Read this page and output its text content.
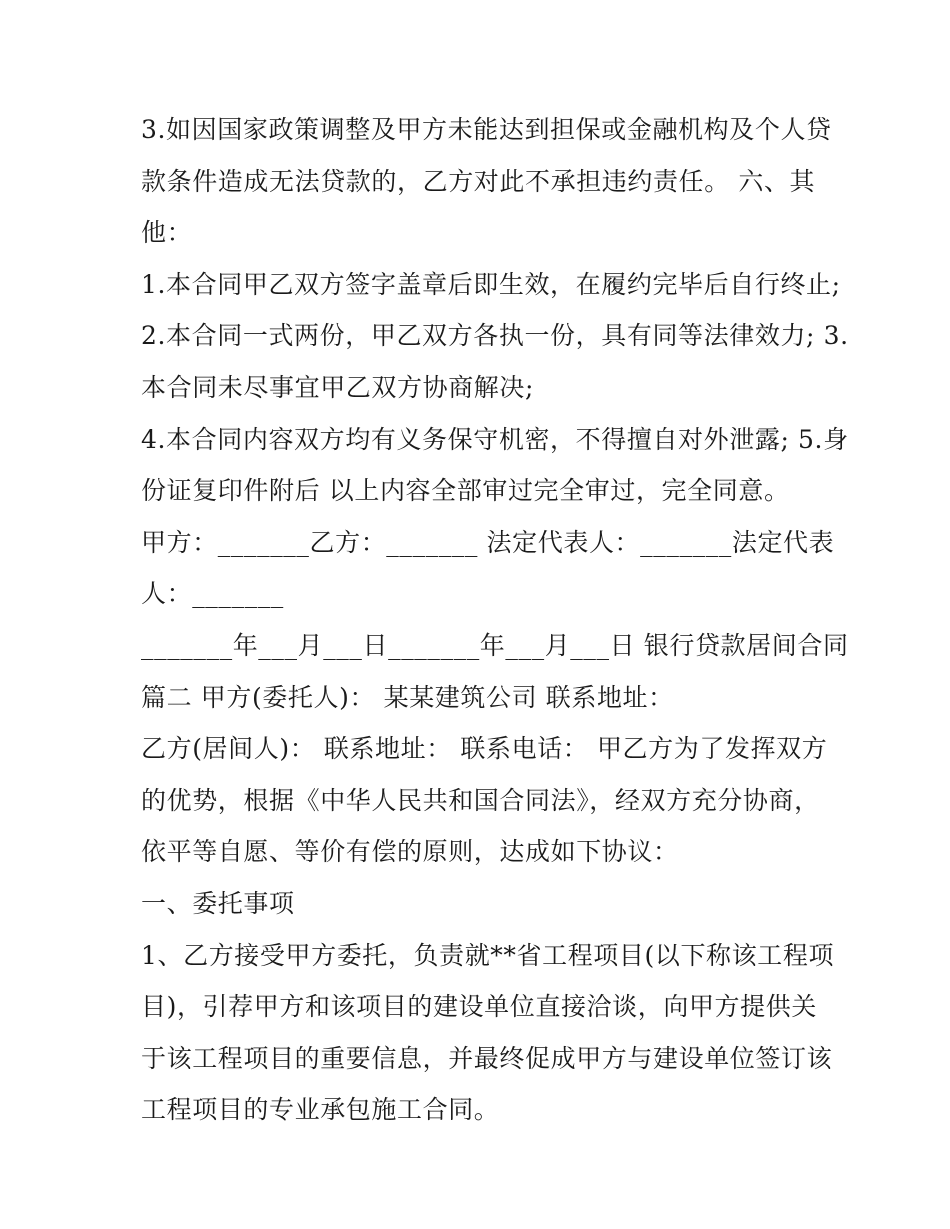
3.如因国家政策调整及甲方未能达到担保或金融机构及个人贷
款条件造成无法贷款的，乙方对此不承担违约责任。 六、其
他：
1.本合同甲乙双方签字盖章后即生效，在履约完毕后自行终止;
2.本合同一式两份，甲乙双方各执一份，具有同等法律效力; 3.
本合同未尽事宜甲乙双方协商解决;
4.本合同内容双方均有义务保守机密，不得擅自对外泄露; 5.身
份证复印件附后 以上内容全部审过完全审过，完全同意。
甲方：_______乙方：_______ 法定代表人：_______法定代表
人：_______
_______年___月___日_______年___月___日 银行贷款居间合同
篇二 甲方(委托人)： 某某建筑公司 联系地址：
乙方(居间人)： 联系地址： 联系电话： 甲乙方为了发挥双方
的优势，根据《中华人民共和国合同法》，经双方充分协商，
依平等自愿、等价有偿的原则，达成如下协议：
一、委托事项
1、乙方接受甲方委托，负责就**省工程项目(以下称该工程项
目)，引荐甲方和该项目的建设单位直接洽谈，向甲方提供关
于该工程项目的重要信息，并最终促成甲方与建设单位签订该
工程项目的专业承包施工合同。
